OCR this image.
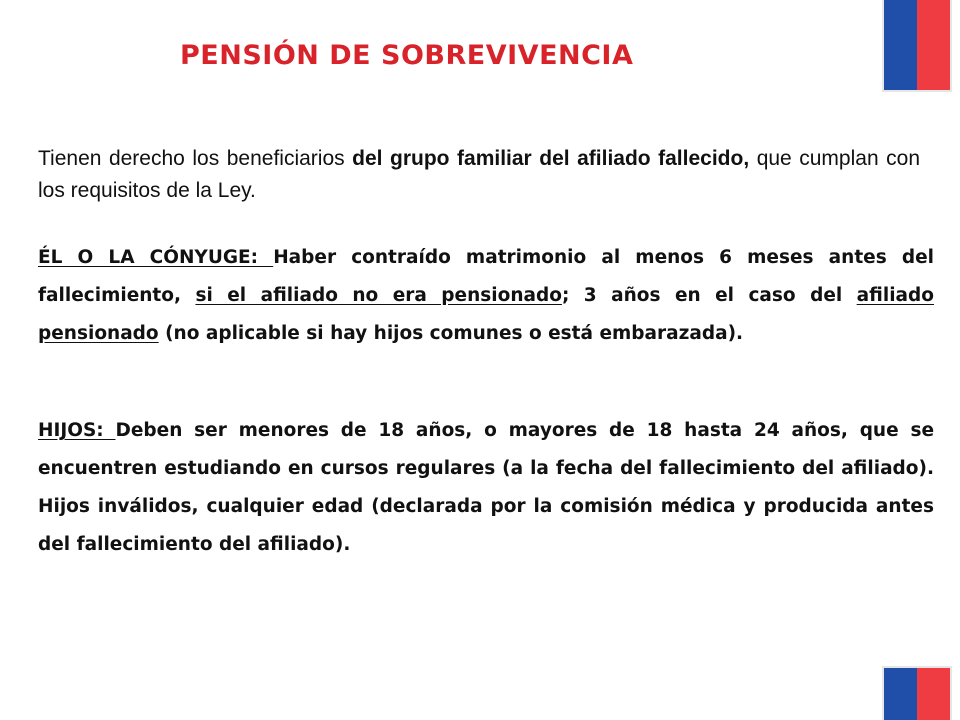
PENSIÓN DE SOBREVIVENCIA
Tienen derecho los beneficiarios del grupo familiar del afiliado fallecido, que cumplan con los requisitos de la Ley.
ÉL O LA CÓNYUGE: Haber contraído matrimonio al menos 6 meses antes del fallecimiento, si el afiliado no era pensionado; 3 años en el caso del afiliado pensionado (no aplicable si hay hijos comunes o está embarazada).
HIJOS: Deben ser menores de 18 años, o mayores de 18 hasta 24 años, que se encuentren estudiando en cursos regulares (a la fecha del fallecimiento del afiliado). Hijos inválidos, cualquier edad (declarada por la comisión médica y producida antes del fallecimiento del afiliado).
